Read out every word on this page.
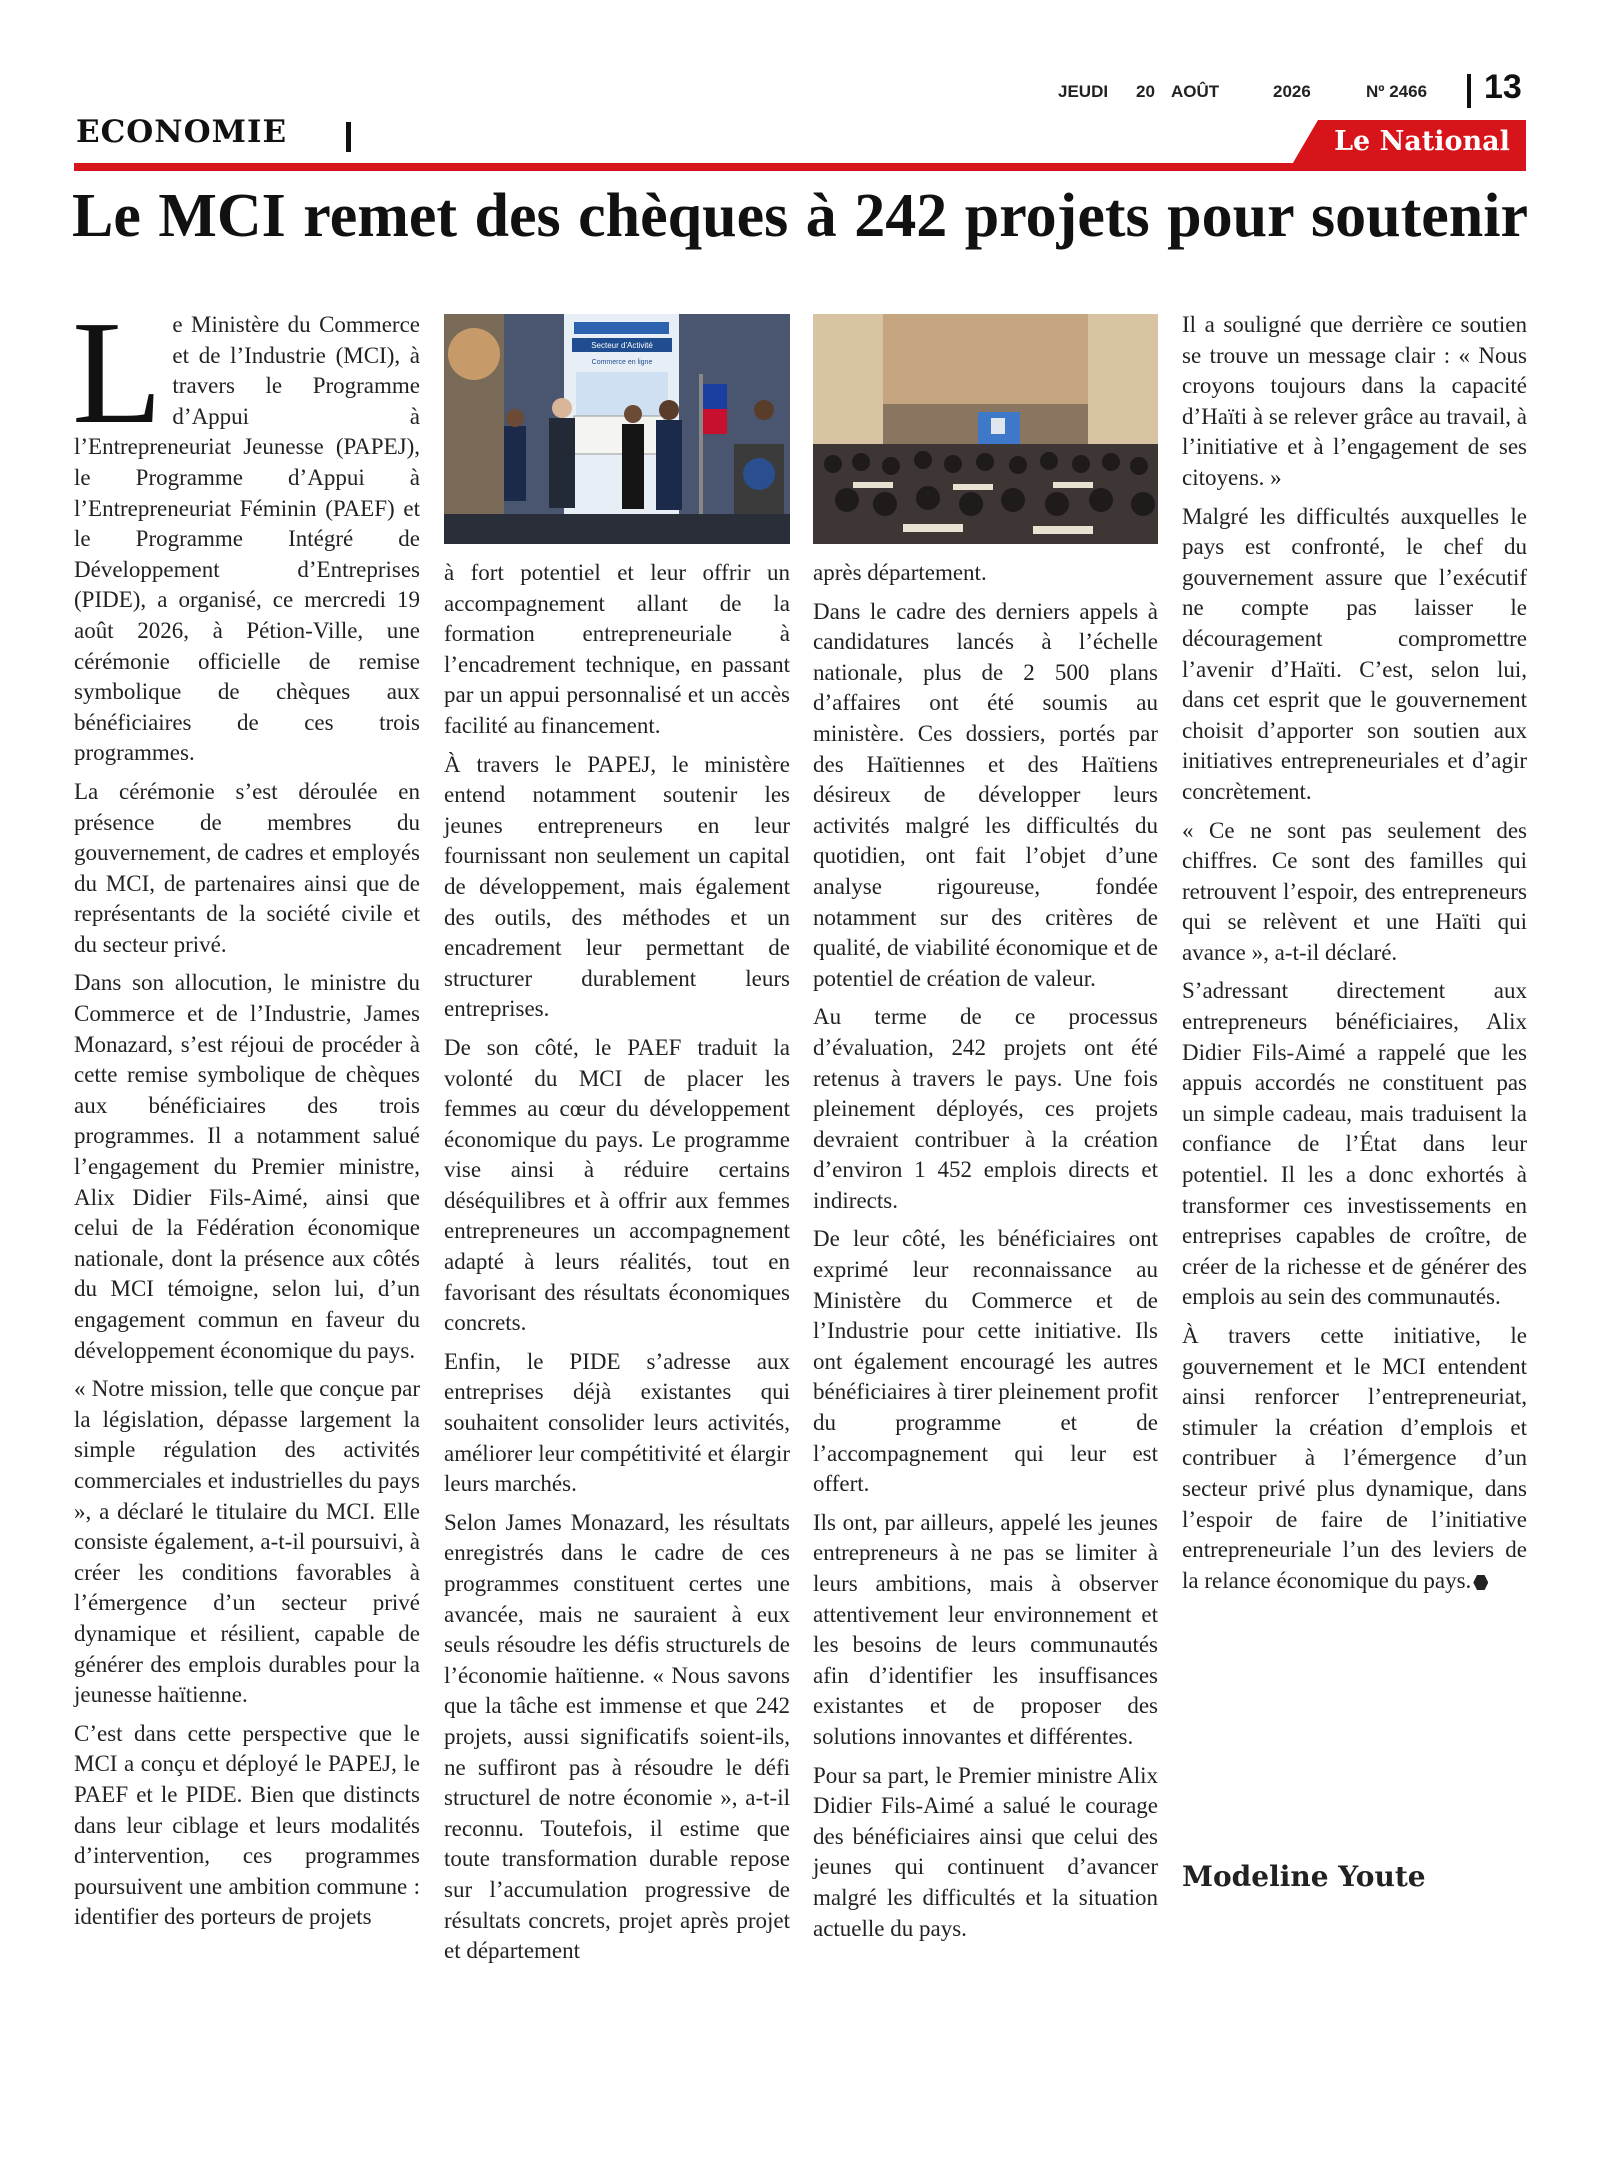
JEUDI 20 AOÛT	2026	Nº 2466 13
ECONOMIE	Le National
Le MCI remet des chèques à 242 projets pour soutenir

Le Ministère du Commerce et de l’Industrie (MCI), à travers le Programme d’Appui à l’Entrepreneuriat Jeunesse (PAPEJ), le Programme d’Appui à l’Entrepreneuriat Féminin (PAEF) et le Programme Intégré de Développement d’Entreprises (PIDE), a organisé, ce mercredi 19 août 2026, à Pétion-Ville, une cérémonie officielle de remise symbolique de chèques aux bénéficiaires de ces trois programmes.

La cérémonie s’est déroulée en présence de membres du gouvernement, de cadres et employés du MCI, de partenaires ainsi que de représentants de la société civile et du secteur privé.

Dans son allocution, le ministre du Commerce et de l’Industrie, James Monazard, s’est réjoui de procéder à cette remise symbolique de chèques aux bénéficiaires des trois programmes. Il a notamment salué l’engagement du Premier ministre, Alix Didier Fils-Aimé, ainsi que celui de la Fédération économique nationale, dont la présence aux côtés du MCI témoigne, selon lui, d’un engagement commun en faveur du développement économique du pays.

« Notre mission, telle que conçue par la législation, dépasse largement la simple régulation des activités commerciales et industrielles du pays », a déclaré le titulaire du MCI. Elle consiste également, a-t-il poursuivi, à créer les conditions favorables à l’émergence d’un secteur privé dynamique et résilient, capable de générer des emplois durables pour la jeunesse haïtienne.

C’est dans cette perspective que le MCI a conçu et déployé le PAPEJ, le PAEF et le PIDE. Bien que distincts dans leur ciblage et leurs modalités d’intervention, ces programmes poursuivent une ambition commune : identifier des porteurs de projets

Secteur d'Activité
Commerce en ligne

à fort potentiel et leur offrir un accompagnement allant de la formation entrepreneuriale à l’encadrement technique, en passant par un appui personnalisé et un accès facilité au financement.

À travers le PAPEJ, le ministère entend notamment soutenir les jeunes entrepreneurs en leur fournissant non seulement un capital de développement, mais également des outils, des méthodes et un encadrement leur permettant de structurer durablement leurs entreprises.

De son côté, le PAEF traduit la volonté du MCI de placer les femmes au cœur du développement économique du pays. Le programme vise ainsi à réduire certains déséquilibres et à offrir aux femmes entrepreneures un accompagnement adapté à leurs réalités, tout en favorisant des résultats économiques concrets.

Enfin, le PIDE s’adresse aux entreprises déjà existantes qui souhaitent consolider leurs activités, améliorer leur compétitivité et élargir leurs marchés.

Selon James Monazard, les résultats enregistrés dans le cadre de ces programmes constituent certes une avancée, mais ne sauraient à eux seuls résoudre les défis structurels de l’économie haïtienne. « Nous savons que la tâche est immense et que 242 projets, aussi significatifs soient-ils, ne suffiront pas à résoudre le défi structurel de notre économie », a-t-il reconnu. Toutefois, il estime que toute transformation durable repose sur l’accumulation progressive de résultats concrets, projet après projet et département

après département.

Dans le cadre des derniers appels à candidatures lancés à l’échelle nationale, plus de 2 500 plans d’affaires ont été soumis au ministère. Ces dossiers, portés par des Haïtiennes et des Haïtiens désireux de développer leurs activités malgré les difficultés du quotidien, ont fait l’objet d’une analyse rigoureuse, fondée notamment sur des critères de qualité, de viabilité économique et de potentiel de création de valeur.

Au terme de ce processus d’évaluation, 242 projets ont été retenus à travers le pays. Une fois pleinement déployés, ces projets devraient contribuer à la création d’environ 1 452 emplois directs et indirects.

De leur côté, les bénéficiaires ont exprimé leur reconnaissance au Ministère du Commerce et de l’Industrie pour cette initiative. Ils ont également encouragé les autres bénéficiaires à tirer pleinement profit du programme et de l’accompagnement qui leur est offert.

Ils ont, par ailleurs, appelé les jeunes entrepreneurs à ne pas se limiter à leurs ambitions, mais à observer attentivement leur environnement et les besoins de leurs communautés afin d’identifier les insuffisances existantes et de proposer des solutions innovantes et différentes.

Pour sa part, le Premier ministre Alix Didier Fils-Aimé a salué le courage des bénéficiaires ainsi que celui des jeunes qui continuent d’avancer malgré les difficultés et la situation actuelle du pays.

Il a souligné que derrière ce soutien se trouve un message clair : « Nous croyons toujours dans la capacité d’Haïti à se relever grâce au travail, à l’initiative et à l’engagement de ses citoyens. »

Malgré les difficultés auxquelles le pays est confronté, le chef du gouvernement assure que l’exécutif ne compte pas laisser le découragement compromettre l’avenir d’Haïti. C’est, selon lui, dans cet esprit que le gouvernement choisit d’apporter son soutien aux initiatives entrepreneuriales et d’agir concrètement.

« Ce ne sont pas seulement des chiffres. Ce sont des familles qui retrouvent l’espoir, des entrepreneurs qui se relèvent et une Haïti qui avance », a-t-il déclaré.

S’adressant directement aux entrepreneurs bénéficiaires, Alix Didier Fils-Aimé a rappelé que les appuis accordés ne constituent pas un simple cadeau, mais traduisent la confiance de l’État dans leur potentiel. Il les a donc exhortés à transformer ces investissements en entreprises capables de croître, de créer de la richesse et de générer des emplois au sein des communautés.

À travers cette initiative, le gouvernement et le MCI entendent ainsi renforcer l’entrepreneuriat, stimuler la création d’emplois et contribuer à l’émergence d’un secteur privé plus dynamique, dans l’espoir de faire de l’initiative entrepreneuriale l’un des leviers de la relance économique du pays.

Modeline Youte
